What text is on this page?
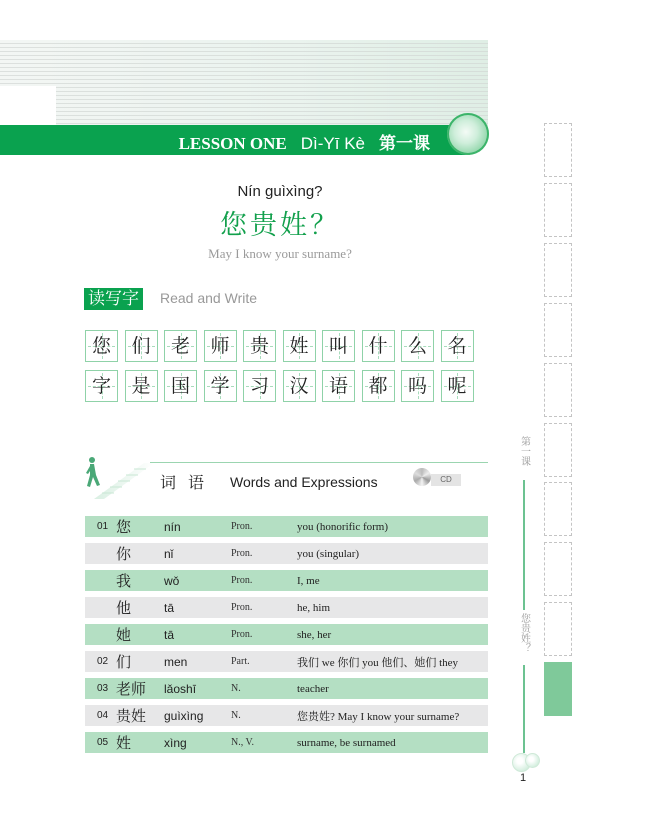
LESSON ONE Dì-Yī Kè 第一课
Nín guìxìng?
您贵姓？
May I know your surname?
读写字 Read and Write
您	们	老	师	贵	姓	叫	什	么	名
字	是	国	学	习	汉	语	都	吗	呢
词语 Words and Expressions	CD
01 您	nín	Pron.	you (honorific form)
你	nǐ	Pron.	you (singular)
我	wǒ	Pron.	I, me
他	tā	Pron.	he, him
她	tā	Pron.	she, her
02 们	men	Part.	我们 we 你们 you 他们、她们 they
03 老师 lǎoshī	N.	teacher
04 贵姓 guìxìng	N.	您贵姓? May I know your surname?
05 姓	xìng	N., V.	surname, be surnamed
第一课
您贵姓？
1
